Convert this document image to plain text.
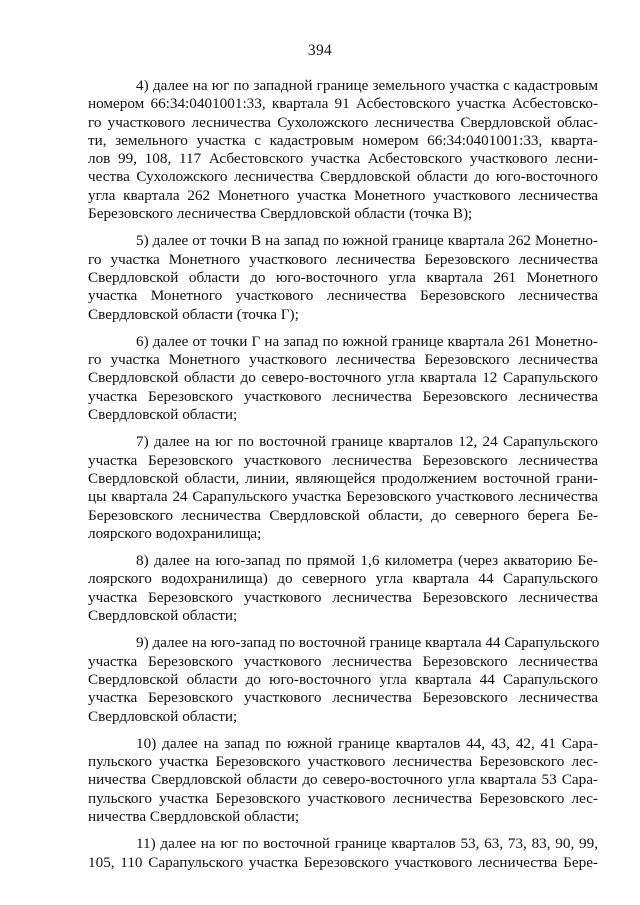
394
4) далее на юг по западной границе земельного участка с кадастровым
номером 66:34:0401001:33, квартала 91 Асбестовского участка Асбестовско-
го участкового лесничества Сухоложского лесничества Свердловской облас-
ти, земельного участка с кадастровым номером 66:34:0401001:33, кварта-
лов 99, 108, 117 Асбестовского участка Асбестовского участкового лесни-
чества Сухоложского лесничества Свердловской области до юго-восточного
угла квартала 262 Монетного участка Монетного участкового лесничества
Березовского лесничества Свердловской области (точка В);
5) далее от точки В на запад по южной границе квартала 262 Монетно-
го участка Монетного участкового лесничества Березовского лесничества
Свердловской области до юго-восточного угла квартала 261 Монетного
участка Монетного участкового лесничества Березовского лесничества
Свердловской области (точка Г);
6) далее от точки Г на запад по южной границе квартала 261 Монетно-
го участка Монетного участкового лесничества Березовского лесничества
Свердловской области до северо-восточного угла квартала 12 Сарапульского
участка Березовского участкового лесничества Березовского лесничества
Свердловской области;
7) далее на юг по восточной границе кварталов 12, 24 Сарапульского
участка Березовского участкового лесничества Березовского лесничества
Свердловской области, линии, являющейся продолжением восточной грани-
цы квартала 24 Сарапульского участка Березовского участкового лесничества
Березовского лесничества Свердловской области, до северного берега Бе-
лоярского водохранилища;
8) далее на юго-запад по прямой 1,6 километра (через акваторию Бе-
лоярского водохранилища) до северного угла квартала 44 Сарапульского
участка Березовского участкового лесничества Березовского лесничества
Свердловской области;
9) далее на юго-запад по восточной границе квартала 44 Сарапульского
участка Березовского участкового лесничества Березовского лесничества
Свердловской области до юго-восточного угла квартала 44 Сарапульского
участка Березовского участкового лесничества Березовского лесничества
Свердловской области;
10) далее на запад по южной границе кварталов 44, 43, 42, 41 Сара-
пульского участка Березовского участкового лесничества Березовского лес-
ничества Свердловской области до северо-восточного угла квартала 53 Сара-
пульского участка Березовского участкового лесничества Березовского лес-
ничества Свердловской области;
11) далее на юг по восточной границе кварталов 53, 63, 73, 83, 90, 99,
105, 110 Сарапульского участка Березовского участкового лесничества Бере-
